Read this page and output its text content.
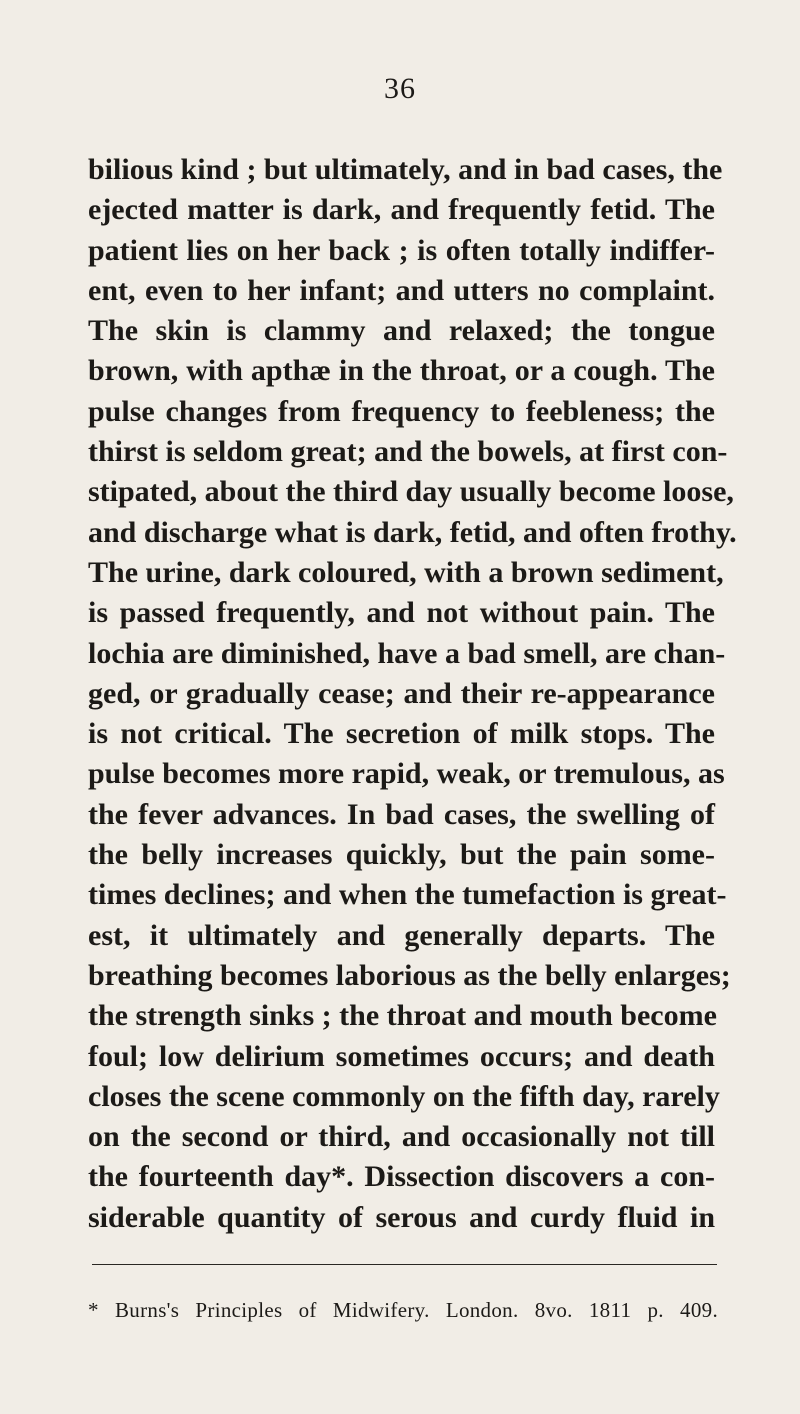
36
bilious kind ; but ultimately, and in bad cases, the
ejected matter is dark, and frequently fetid. The
patient lies on her back ; is often totally indiffer-
ent, even to her infant; and utters no complaint.
The skin is clammy and relaxed; the tongue
brown, with apthæ in the throat, or a cough. The
pulse changes from frequency to feebleness; the
thirst is seldom great; and the bowels, at first con-
stipated, about the third day usually become loose,
and discharge what is dark, fetid, and often frothy.
The urine, dark coloured, with a brown sediment,
is passed frequently, and not without pain. The
lochia are diminished, have a bad smell, are chan-
ged, or gradually cease; and their re-appearance
is not critical. The secretion of milk stops. The
pulse becomes more rapid, weak, or tremulous, as
the fever advances. In bad cases, the swelling of
the belly increases quickly, but the pain some-
times declines; and when the tumefaction is great-
est, it ultimately and generally departs. The
breathing becomes laborious as the belly enlarges;
the strength sinks ; the throat and mouth become
foul; low delirium sometimes occurs; and death
closes the scene commonly on the fifth day, rarely
on the second or third, and occasionally not till
the fourteenth day*. Dissection discovers a con-
siderable quantity of serous and curdy fluid in
* Burns's Principles of Midwifery. London. 8vo. 1811 p. 409.
